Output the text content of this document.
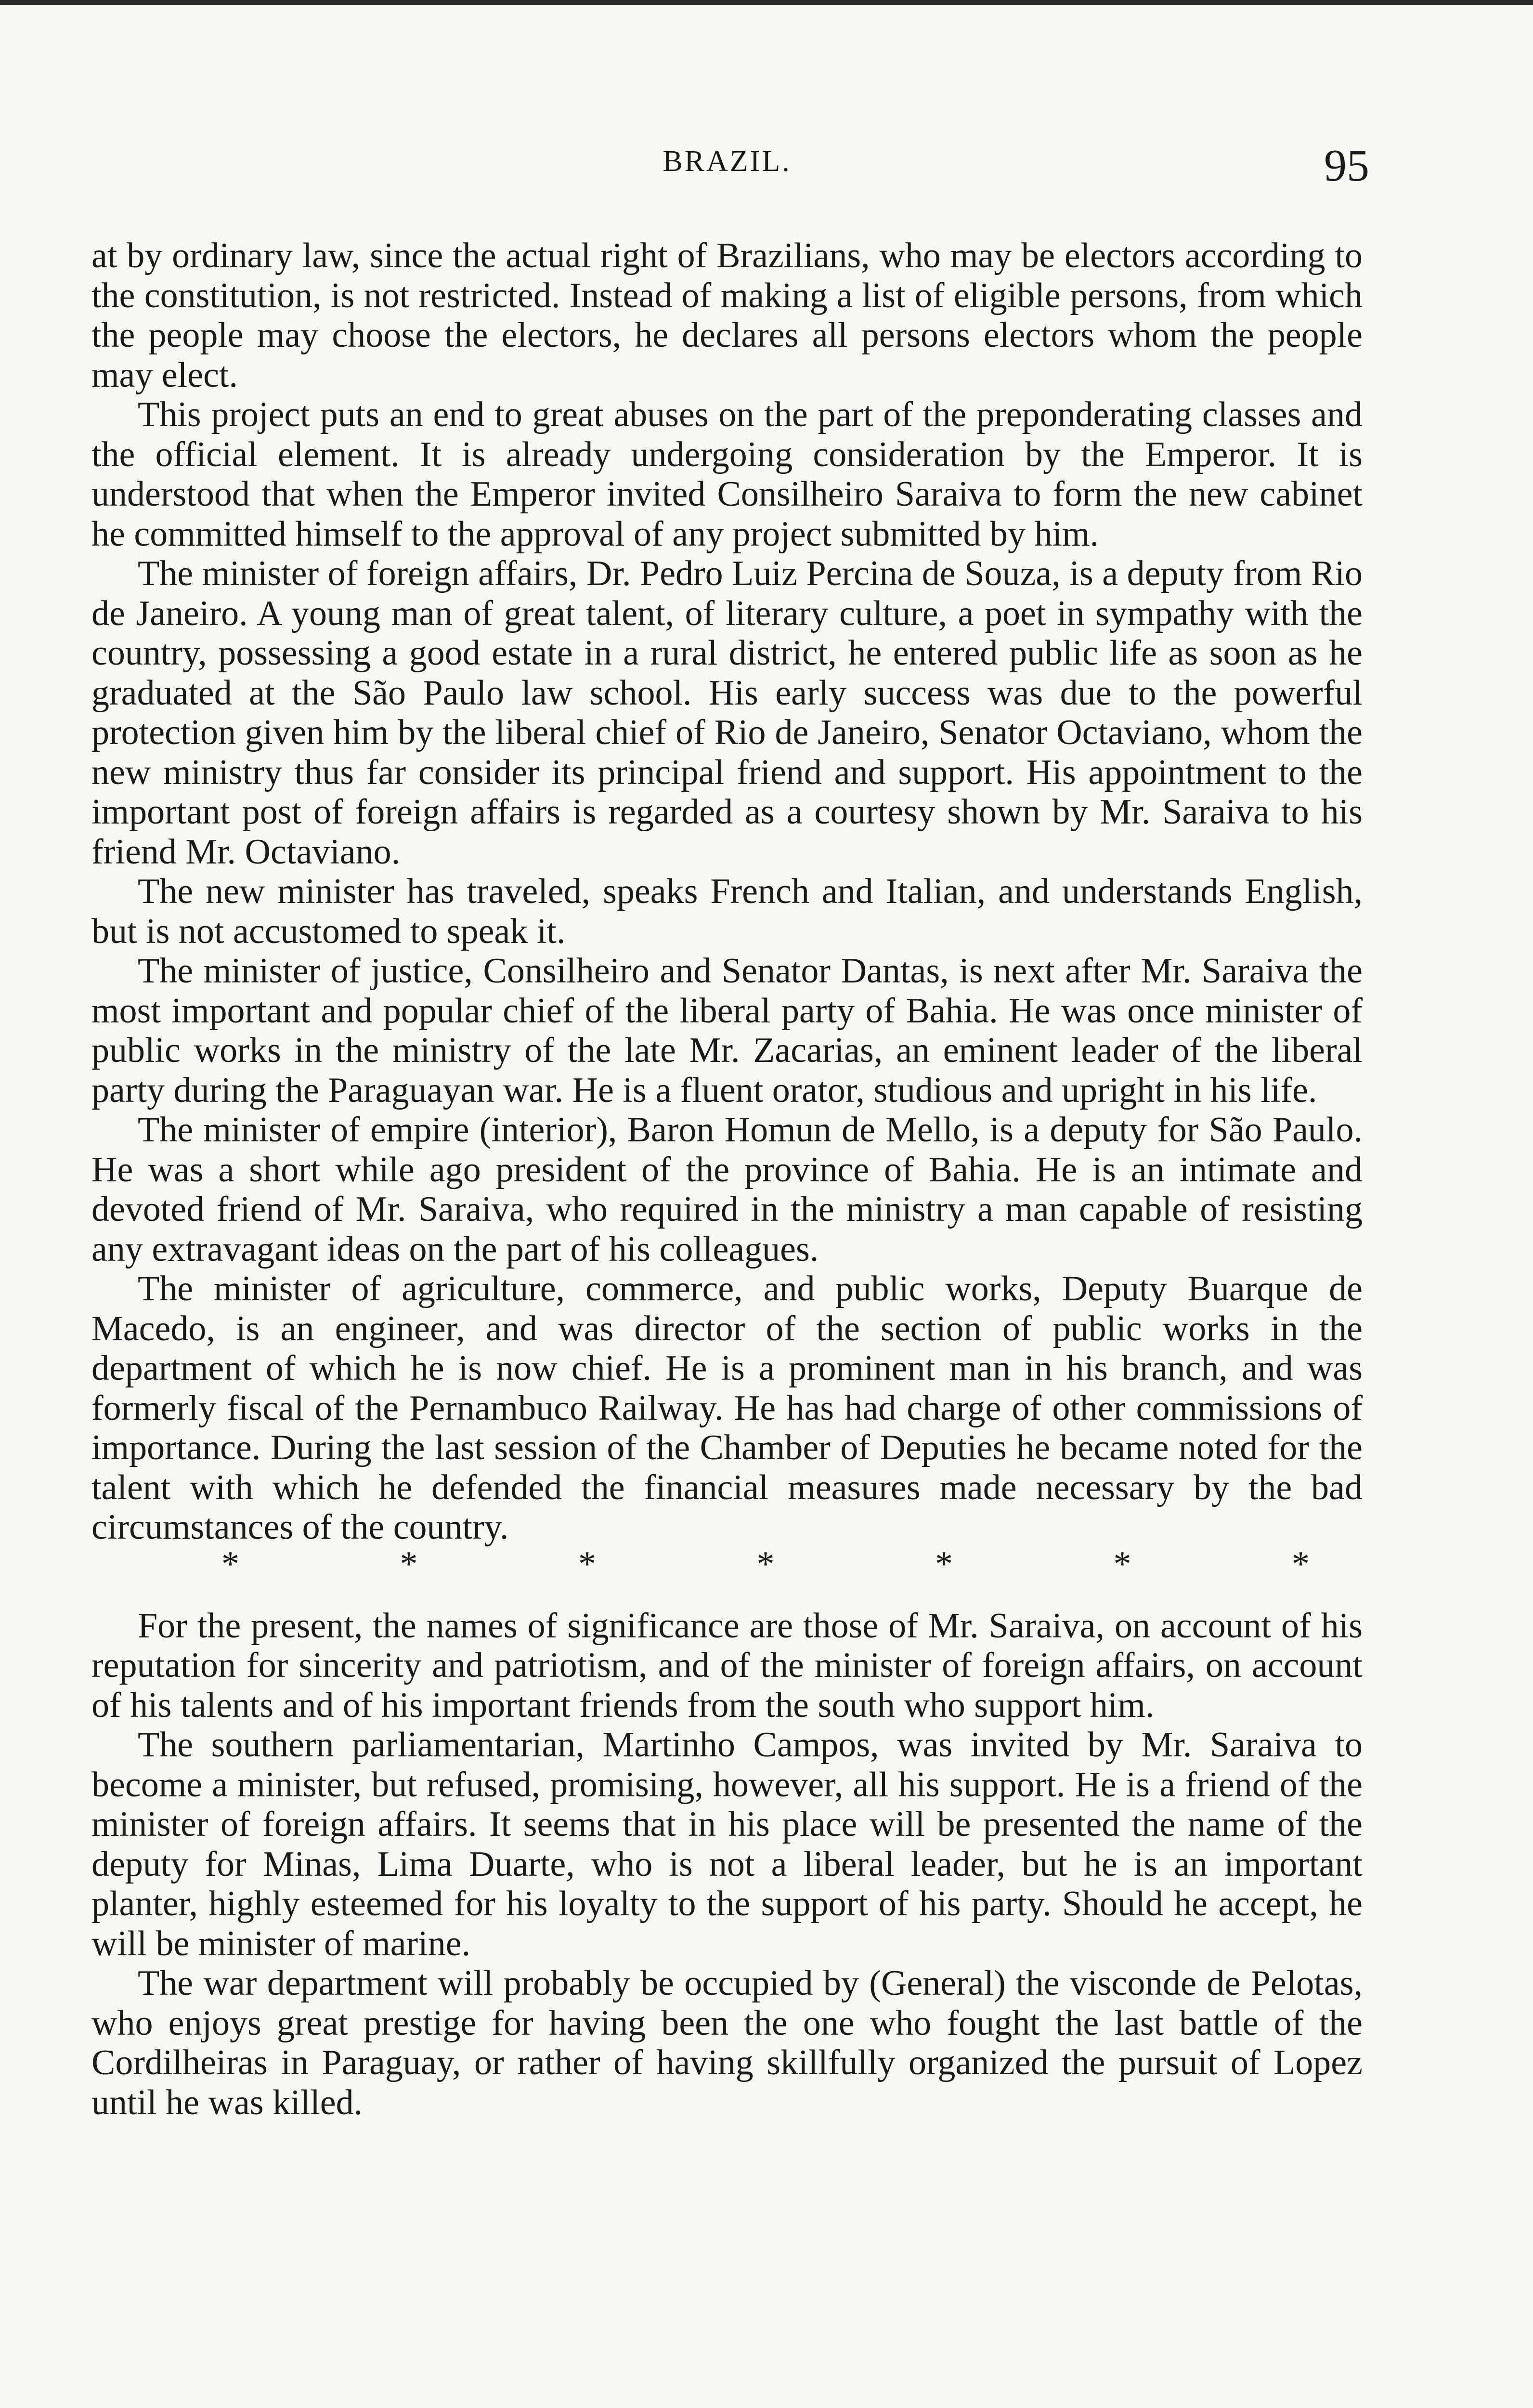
BRAZIL.	95

at by ordinary law, since the actual right of Brazilians, who may be electors according to the constitution, is not restricted. Instead of making a list of eligible persons, from which the people may choose the electors, he declares all persons electors whom the people may elect.

This project puts an end to great abuses on the part of the preponderating classes and the official element. It is already undergoing consideration by the Emperor. It is understood that when the Emperor invited Consilheiro Saraiva to form the new cabinet he committed himself to the approval of any project submitted by him.

The minister of foreign affairs, Dr. Pedro Luiz Percina de Souza, is a deputy from Rio de Janeiro. A young man of great talent, of literary culture, a poet in sympathy with the country, possessing a good estate in a rural district, he entered public life as soon as he graduated at the São Paulo law school. His early success was due to the powerful protection given him by the liberal chief of Rio de Janeiro, Senator Octaviano, whom the new ministry thus far consider its principal friend and support. His appointment to the important post of foreign affairs is regarded as a courtesy shown by Mr. Saraiva to his friend Mr. Octaviano.

The new minister has traveled, speaks French and Italian, and understands English, but is not accustomed to speak it.

The minister of justice, Consilheiro and Senator Dantas, is next after Mr. Saraiva the most important and popular chief of the liberal party of Bahia. He was once minister of public works in the ministry of the late Mr. Zacarias, an eminent leader of the liberal party during the Paraguayan war. He is a fluent orator, studious and upright in his life.

The minister of empire (interior), Baron Homun de Mello, is a deputy for São Paulo. He was a short while ago president of the province of Bahia. He is an intimate and devoted friend of Mr. Saraiva, who required in the ministry a man capable of resisting any extravagant ideas on the part of his colleagues.

The minister of agriculture, commerce, and public works, Deputy Buarque de Macedo, is an engineer, and was director of the section of public works in the department of which he is now chief. He is a prominent man in his branch, and was formerly fiscal of the Pernambuco Railway. He has had charge of other commissions of importance. During the last session of the Chamber of Deputies he became noted for the talent with which he defended the financial measures made necessary by the bad circumstances of the country.

*	*	*	*	*	*	*

For the present, the names of significance are those of Mr. Saraiva, on account of his reputation for sincerity and patriotism, and of the minister of foreign affairs, on account of his talents and of his important friends from the south who support him.

The southern parliamentarian, Martinho Campos, was invited by Mr. Saraiva to become a minister, but refused, promising, however, all his support. He is a friend of the minister of foreign affairs. It seems that in his place will be presented the name of the deputy for Minas, Lima Duarte, who is not a liberal leader, but he is an important planter, highly esteemed for his loyalty to the support of his party. Should he accept, he will be minister of marine.

The war department will probably be occupied by (General) the visconde de Pelotas, who enjoys great prestige for having been the one who fought the last battle of the Cordilheiras in Paraguay, or rather of having skillfully organized the pursuit of Lopez until he was killed.
